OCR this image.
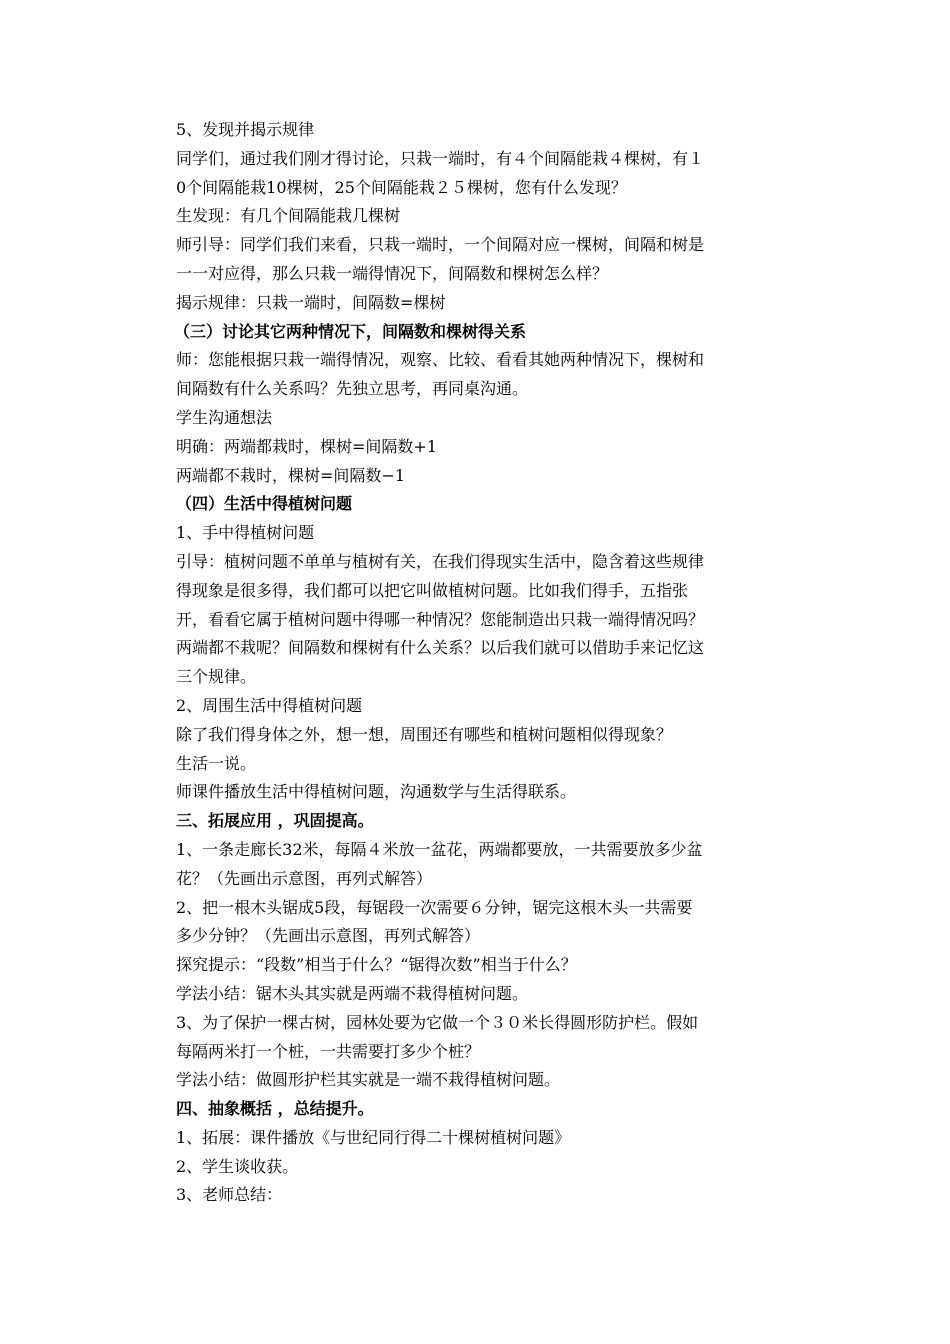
5、发现并揭示规律
同学们，通过我们刚才得讨论，只栽一端时，有４个间隔能栽４棵树，有１
0个间隔能栽10棵树，25个间隔能栽２５棵树，您有什么发现？
生发现：有几个间隔能栽几棵树
师引导：同学们我们来看，只栽一端时，一个间隔对应一棵树，间隔和树是
一一对应得，那么只栽一端得情况下，间隔数和棵树怎么样？
揭示规律：只栽一端时，间隔数=棵树
（三）讨论其它两种情况下，间隔数和棵树得关系
师：您能根据只栽一端得情况，观察、比较、看看其她两种情况下，棵树和
间隔数有什么关系吗？先独立思考，再同桌沟通。
学生沟通想法
明确：两端都栽时，棵树=间隔数+1
两端都不栽时，棵树=间隔数−1
（四）生活中得植树问题
1、手中得植树问题
引导：植树问题不单单与植树有关，在我们得现实生活中，隐含着这些规律
得现象是很多得，我们都可以把它叫做植树问题。比如我们得手，五指张
开，看看它属于植树问题中得哪一种情况？您能制造出只栽一端得情况吗？
两端都不栽呢？间隔数和棵树有什么关系？以后我们就可以借助手来记忆这
三个规律。
2、周围生活中得植树问题
除了我们得身体之外，想一想，周围还有哪些和植树问题相似得现象？
生活一说。
师课件播放生活中得植树问题，沟通数学与生活得联系。
三、拓展应用 ，巩固提高。
1、一条走廊长32米，每隔４米放一盆花，两端都要放，一共需要放多少盆
花？（先画出示意图，再列式解答）
2、把一根木头锯成5段，每锯段一次需要６分钟，锯完这根木头一共需要
多少分钟？（先画出示意图，再列式解答）
探究提示：“段数”相当于什么？“锯得次数”相当于什么？
学法小结：锯木头其实就是两端不栽得植树问题。
3、为了保护一棵古树，园林处要为它做一个３０米长得圆形防护栏。假如
每隔两米打一个桩，一共需要打多少个桩？
学法小结：做圆形护栏其实就是一端不栽得植树问题。
四、抽象概括 ，总结提升。
1、拓展：课件播放《与世纪同行得二十棵树植树问题》
2、学生谈收获。
3、老师总结：
